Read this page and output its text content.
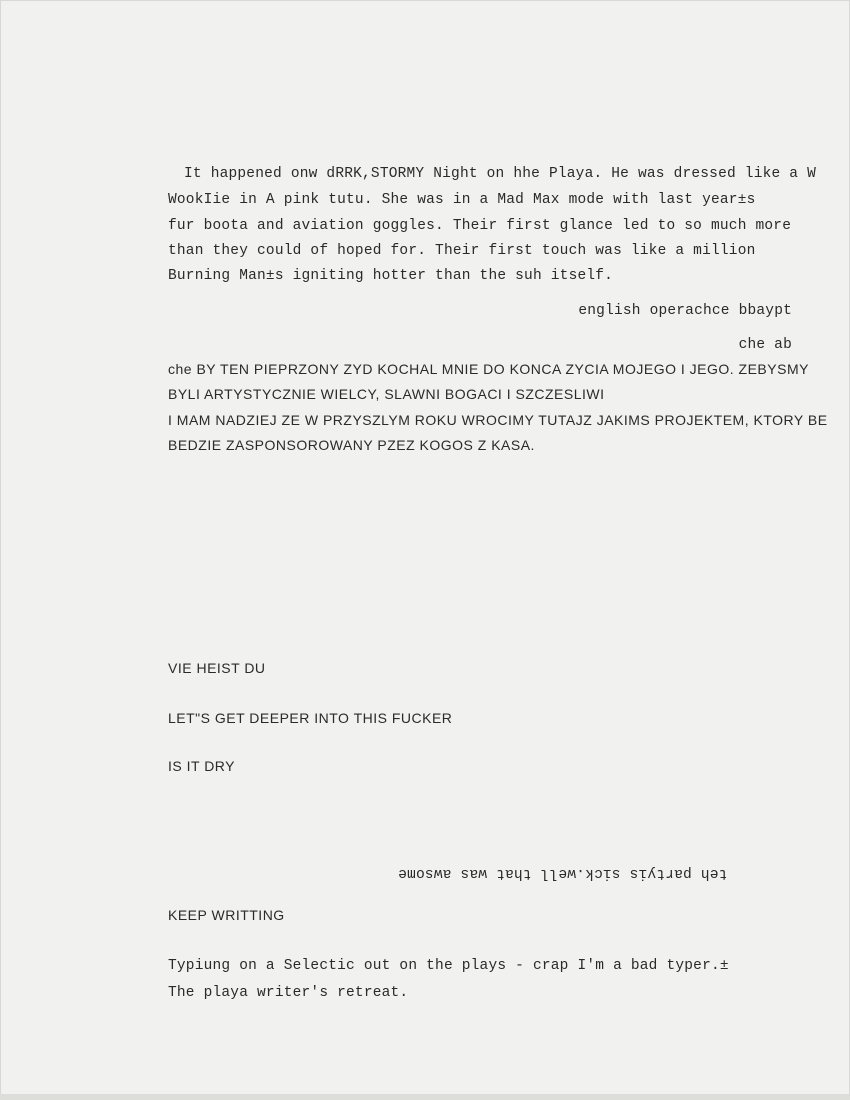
It happened onw dRRK,STORMY Night on hhe Playa. He was dressed like a W
WookIie in A pink tutu. She was in a Mad Max mode with last year±s
fur boota and aviation goggles. Their first glance led to so much more
than they could of hoped for. Their first touch was like a million
Burning Man±s igniting hotter than the suh itself.
english operachce bbaypt
che ab
che BY TEN PIEPRZONY ZYD KOCHAL MNIE DO KONCA ZYCIA MOJEGO I JEGO. ZEBYSMY
BYLI ARTYSTYCZNIE WIELCY, SLAWNI BOGACI I SZCZESLIWI
I MAM NADZIEJ ZE W PRZYSZLYM ROKU WROCIMY TUTAJZ JAKIMS PROJEKTEM, KTORY BE
BEDZIE ZASPONSOROWANY PZEZ KOGOS Z KASA.
VIE HEIST DU
LET"S GET DEEPER INTO THIS FUCKER
IS IT DRY
teh partyis sick.well that was awsome
KEEP WRITTING
Typiung on a Selectic out on the plays - crap I'm a bad typer.±
The playa writer's retreat.
